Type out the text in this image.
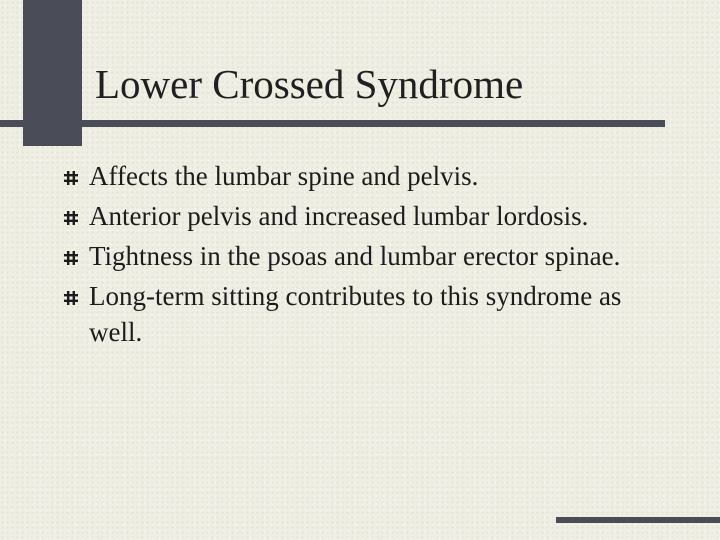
Lower Crossed Syndrome
Affects the lumbar spine and pelvis.
Anterior pelvis and increased lumbar lordosis.
Tightness in the psoas and lumbar erector spinae.
Long-term sitting contributes to this syndrome as well.
